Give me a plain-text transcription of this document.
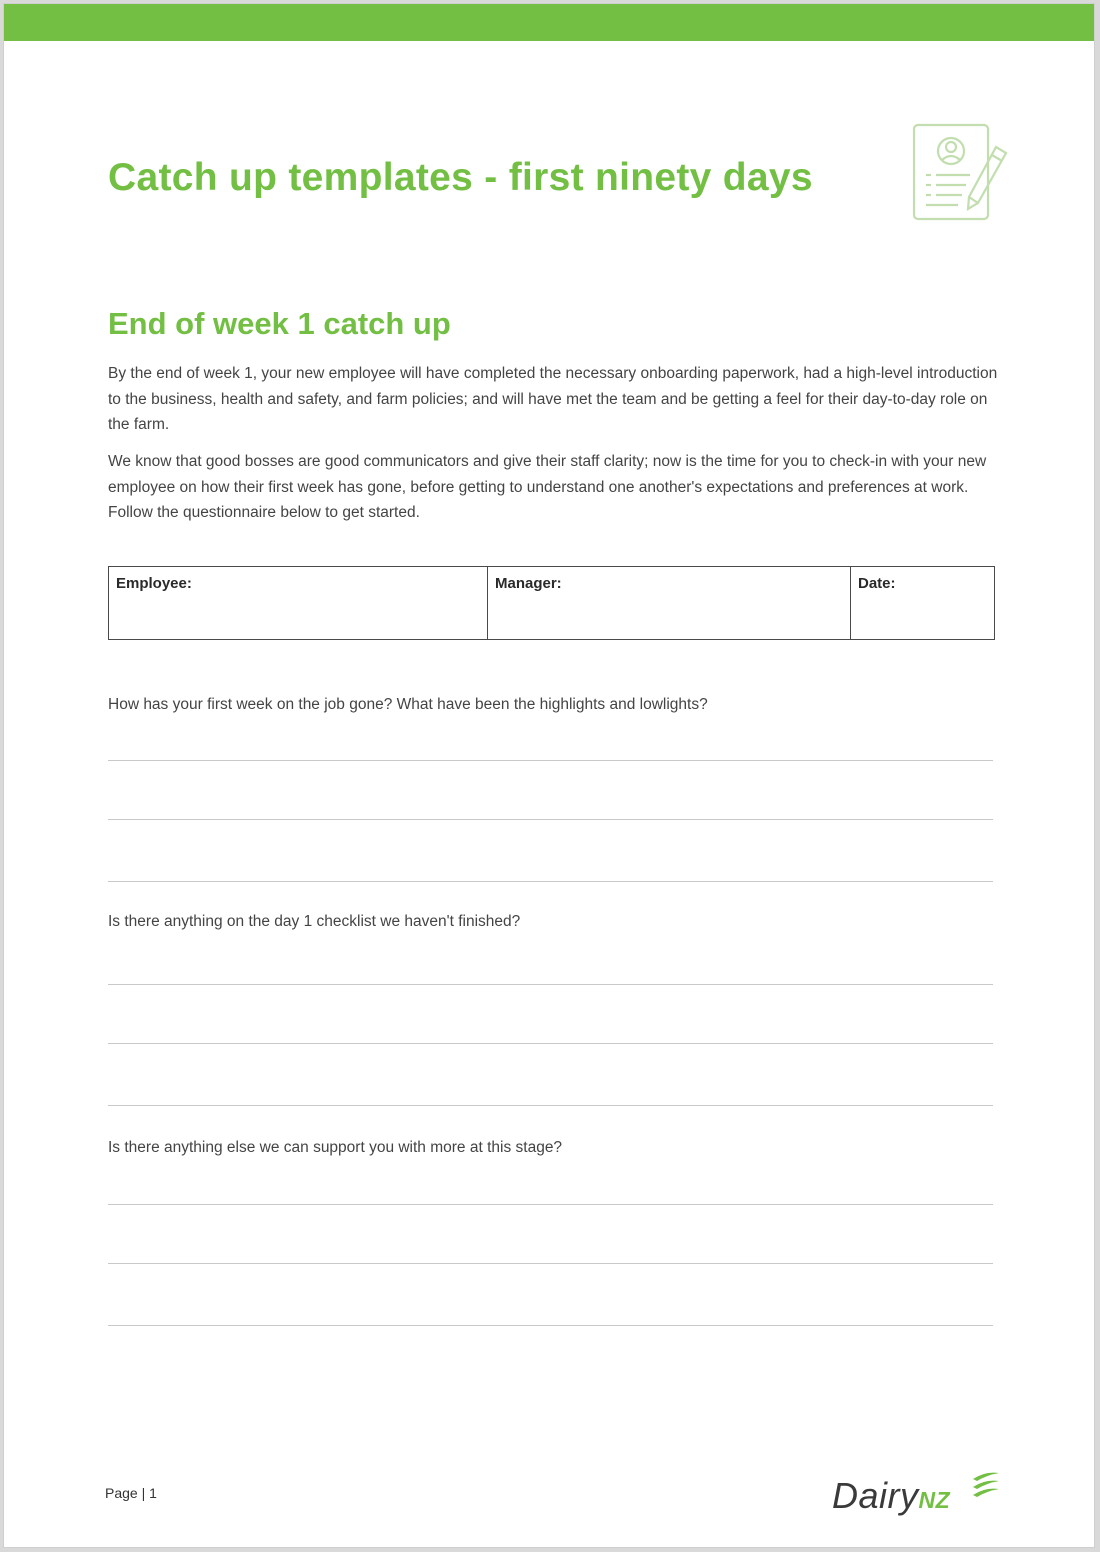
Catch up templates - first ninety days
End of week 1 catch up

By the end of week 1, your new employee will have completed the necessary onboarding paperwork, had a high-level introduction to the business, health and safety, and farm policies; and will have met the team and be getting a feel for their day-to-day role on the farm.

We know that good bosses are good communicators and give their staff clarity; now is the time for you to check-in with your new employee on how their first week has gone, before getting to understand one another's expectations and preferences at work. Follow the questionnaire below to get started.

Employee:	Manager:	Date:

How has your first week on the job gone? What have been the highlights and lowlights?

Is there anything on the day 1 checklist we haven't finished?

Is there anything else we can support you with more at this stage?

Page | 1	DairyNZ
